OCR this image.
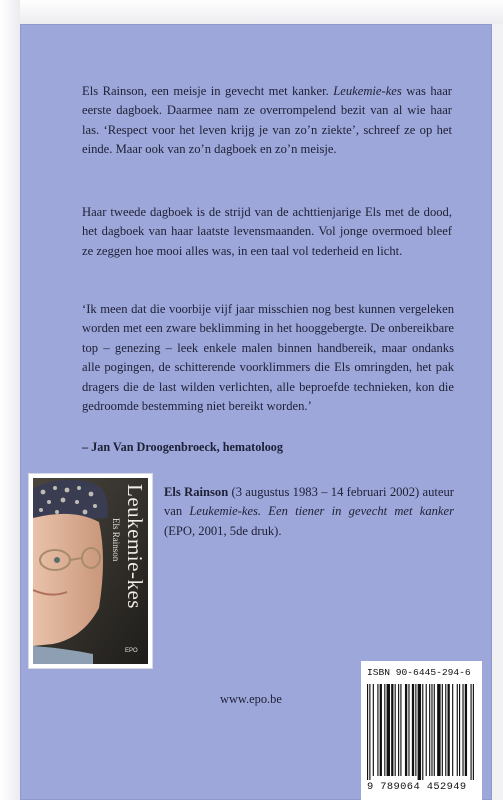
Els Rainson, een meisje in gevecht met kanker. Leukemie-kes was haar eerste dagboek. Daarmee nam ze overrompelend bezit van al wie haar las. ‘Respect voor het leven krijg je van zo’n ziekte’, schreef ze op het einde. Maar ook van zo’n dagboek en zo’n meisje.

Haar tweede dagboek is de strijd van de achttienjarige Els met de dood, het dagboek van haar laatste levensmaanden. Vol jonge overmoed bleef ze zeggen hoe mooi alles was, in een taal vol tederheid en licht.

‘Ik meen dat die voorbije vijf jaar misschien nog best kunnen vergeleken worden met een zware beklimming in het hooggebergte. De onbereikbare top – genezing – leek enkele malen binnen handbereik, maar ondanks alle pogingen, de schitterende voorklimmers die Els omringden, het pak dragers die de last wilden verlichten, alle beproefde technieken, kon die gedroomde bestemming niet bereikt worden.’

– Jan Van Droogenbroeck, hematoloog

Leukemie-kes
Els Rainson
EPO

Els Rainson (3 augustus 1983 – 14 februari 2002) auteur van Leukemie-kes. Een tiener in gevecht met kanker (EPO, 2001, 5de druk).

www.epo.be
ISBN 90-6445-294-6
9 789064 452949
